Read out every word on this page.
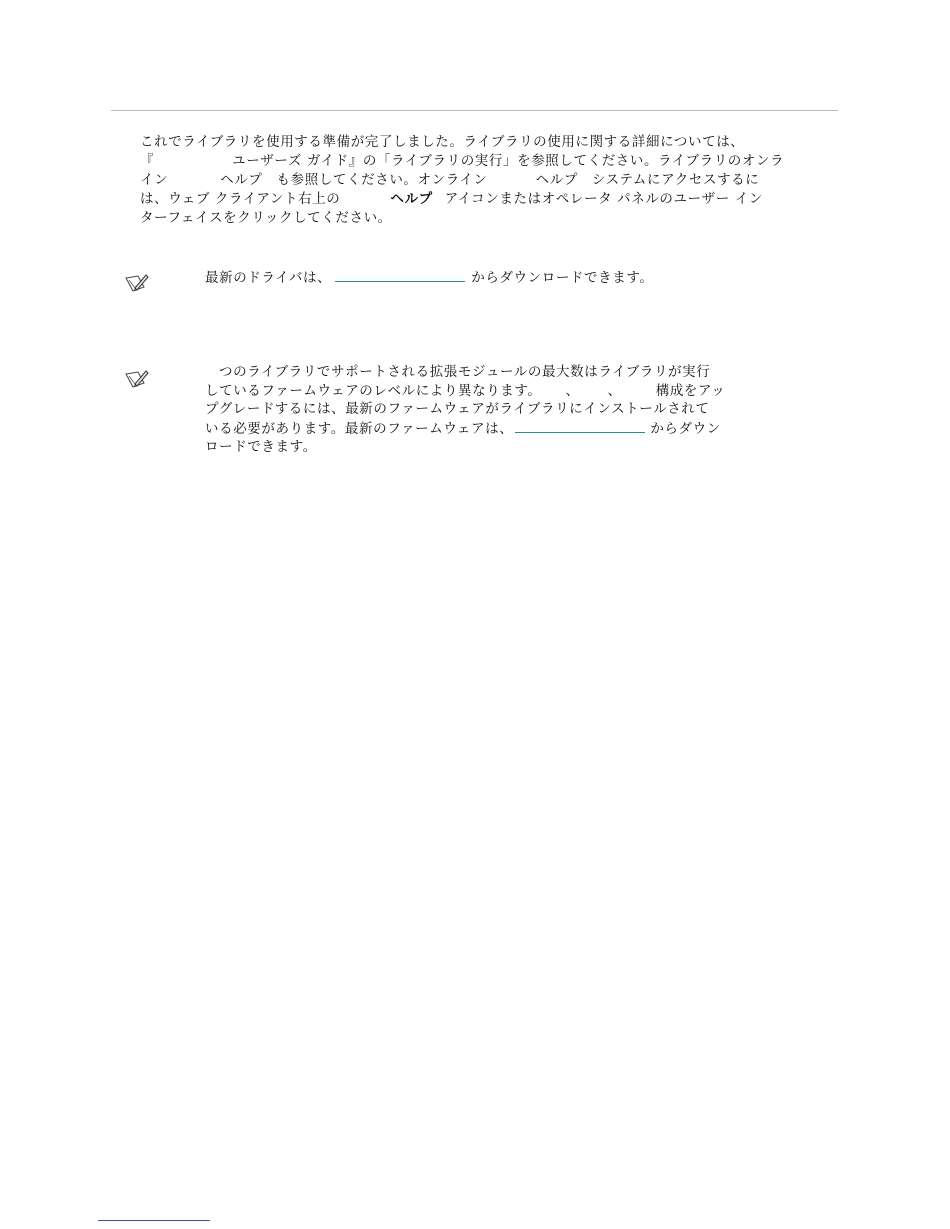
これでライブラリを使用する準備が完了しました。ライブラリの使用に関する詳細については、
『	ユーザーズ ガイド』の「ライブラリの実行」を参照してください。ライブラリのオンラ
イン	ヘルプ も参照してください。オンライン	ヘルプ システムにアクセスするに
は、ウェブ クライアント右上の	ヘルプ アイコンまたはオペレータ パネルのユーザー イン
ターフェイスをクリックしてください。
最新のドライバは、	からダウンロードできます。
つのライブラリでサポートされる拡張モジュールの最大数はライブラリが実行
しているファームウェアのレベルにより異なります。 、 、	構成をアッ
プグレードするには、最新のファームウェアがライブラリにインストールされて
いる必要があります。最新のファームウェアは、	からダウン
ロードできます。
